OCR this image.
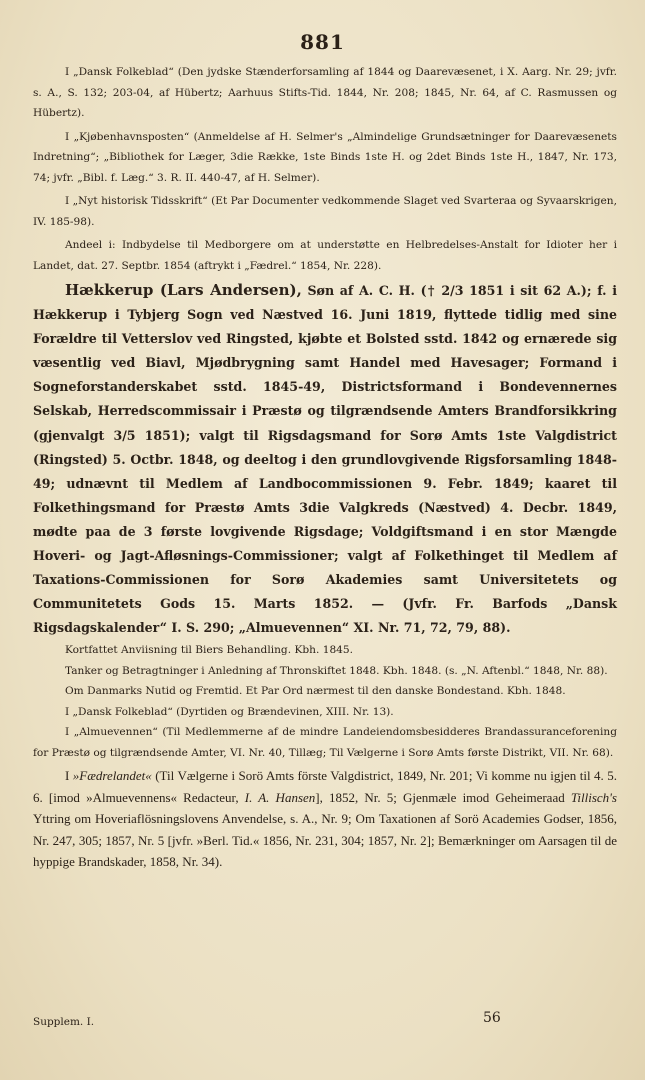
881

I „Dansk Folkeblad“ (Den jydske Stænderforsamling af 1844 og Daarevæsenet, i X. Aarg. Nr. 29; jvfr. s. A., S. 132; 203-04, af Hübertz; Aarhuus Stifts-Tid. 1844, Nr. 208; 1845, Nr. 64, af C. Rasmussen og Hübertz).

I „Kjøbenhavnsposten“ (Anmeldelse af H. Selmer's „Almindelige Grundsætninger for Daarevæsenets Indretning“; „Bibliothek for Læger, 3die Række, 1ste Binds 1ste H. og 2det Binds 1ste H., 1847, Nr. 173, 74; jvfr. „Bibl. f. Læg.“ 3. R. II. 440-47, af H. Selmer).

I „Nyt historisk Tidsskrift“ (Et Par Documenter vedkommende Slaget ved Svarteraa og Syvaarskrigen, IV. 185-98).

Andeel i: Indbydelse til Medborgere om at understøtte en Helbredelses-Anstalt for Idioter her i Landet, dat. 27. Septbr. 1854 (aftrykt i „Fædrel.“ 1854, Nr. 228).

Hækkerup (Lars Andersen), Søn af A. C. H. († 2/3 1851 i sit 62 A.); f. i Hækkerup i Tybjerg Sogn ved Næstved 16. Juni 1819, flyttede tidlig med sine Forældre til Vetterslov ved Ringsted, kjøbte et Bolsted sstd. 1842 og ernærede sig væsentlig ved Biavl, Mjødbrygning samt Handel med Havesager; Formand i Sogneforstanderskabet sstd. 1845-49, Districtsformand i Bondevennernes Selskab, Herredscommissair i Præstø og tilgrændsende Amters Brandforsikkring (gjenvalgt 3/5 1851); valgt til Rigsdagsmand for Sorø Amts 1ste Valgdistrict (Ringsted) 5. Octbr. 1848, og deeltog i den grundlovgivende Rigsforsamling 1848-49; udnævnt til Medlem af Landbocommissionen 9. Febr. 1849; kaaret til Folkethingsmand for Præstø Amts 3die Valgkreds (Næstved) 4. Decbr. 1849, mødte paa de 3 første lovgivende Rigsdage; Voldgiftsmand i en stor Mængde Hoveri- og Jagt-Afløsnings-Commissioner; valgt af Folkethinget til Medlem af Taxations-Commissionen for Sorø Akademies samt Universitetets og Communitetets Gods 15. Marts 1852. — (Jvfr. Fr. Barfods „Dansk Rigsdagskalender“ I. S. 290; „Almuevennen“ XI. Nr. 71, 72, 79, 88).

Kortfattet Anviisning til Biers Behandling. Kbh. 1845.

Tanker og Betragtninger i Anledning af Thronskiftet 1848. Kbh. 1848. (s. „N. Aftenbl.“ 1848, Nr. 88).

Om Danmarks Nutid og Fremtid. Et Par Ord nærmest til den danske Bondestand. Kbh. 1848.

I „Dansk Folkeblad“ (Dyrtiden og Brændevinen, XIII. Nr. 13).

I „Almuevennen“ (Til Medlemmerne af de mindre Landeiendomsbesidderes Brandassuranceforening for Præstø og tilgrændsende Amter, VI. Nr. 40, Tillæg; Til Vælgerne i Sorø Amts første Distrikt, VII. Nr. 68).

I »Fædrelandet« (Til Vælgerne i Sorö Amts förste Valgdistrict, 1849, Nr. 201; Vi komme nu igjen til 4. 5. 6. [imod »Almuevennens« Redacteur, I. A. Hansen], 1852, Nr. 5; Gjenmæle imod Geheimeraad Tillisch's Yttring om Hoveriaflösningslovens Anvendelse, s. A., Nr. 9; Om Taxationen af Sorö Academies Godser, 1856, Nr. 247, 305; 1857, Nr. 5 [jvfr. »Berl. Tid.« 1856, Nr. 231, 304; 1857, Nr. 2]; Bemærkninger om Aarsagen til de hyppige Brandskader, 1858, Nr. 34).

Supplem. I.	56
